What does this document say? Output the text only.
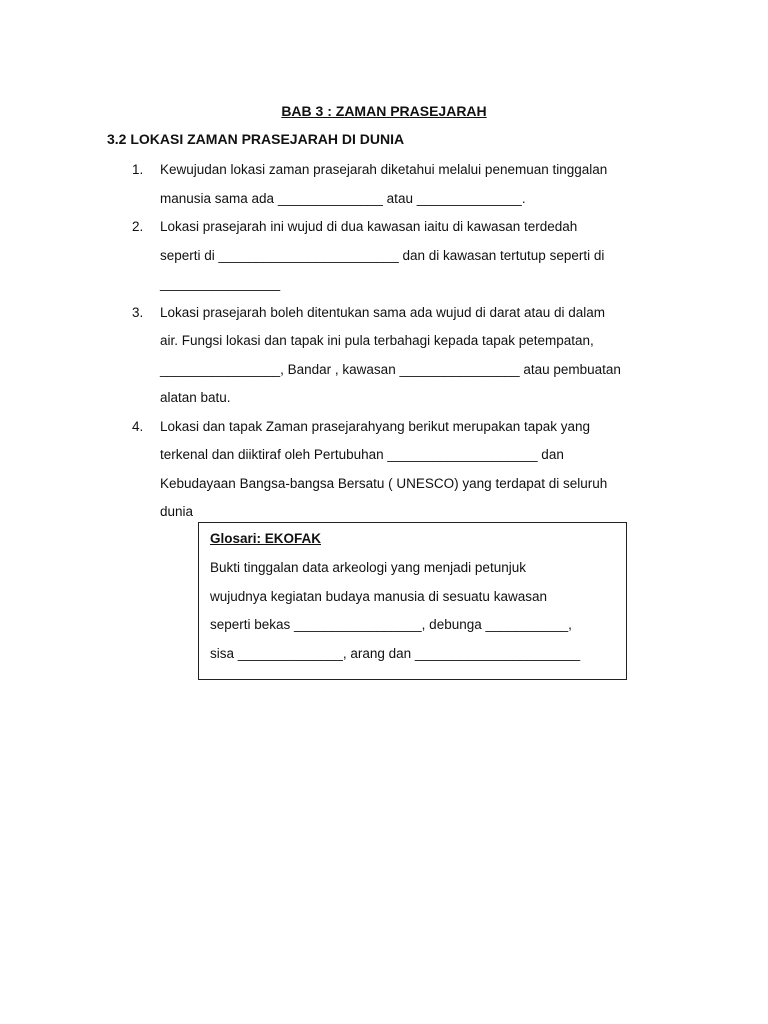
BAB 3 : ZAMAN PRASEJARAH
3.2 LOKASI ZAMAN PRASEJARAH DI DUNIA
1.	Kewujudan lokasi zaman prasejarah diketahui melalui penemuan tinggalan
manusia sama ada ______________ atau ______________.
2.	Lokasi prasejarah ini wujud di dua kawasan iaitu di kawasan terdedah
seperti di ________________________ dan di kawasan tertutup seperti di
________________
3.	Lokasi prasejarah boleh ditentukan sama ada wujud di darat atau di dalam
air. Fungsi lokasi dan tapak ini pula terbahagi kepada tapak petempatan,
________________, Bandar , kawasan ________________ atau pembuatan
alatan batu.
4.	Lokasi dan tapak Zaman prasejarahyang berikut merupakan tapak yang
terkenal dan diiktiraf oleh Pertubuhan ____________________ dan
Kebudayaan Bangsa-bangsa Bersatu ( UNESCO) yang terdapat di seluruh
dunia
Glosari: EKOFAK
Bukti tinggalan data arkeologi yang menjadi petunjuk
wujudnya kegiatan budaya manusia di sesuatu kawasan
seperti bekas _________________, debunga ___________,
sisa ______________, arang dan ______________________
